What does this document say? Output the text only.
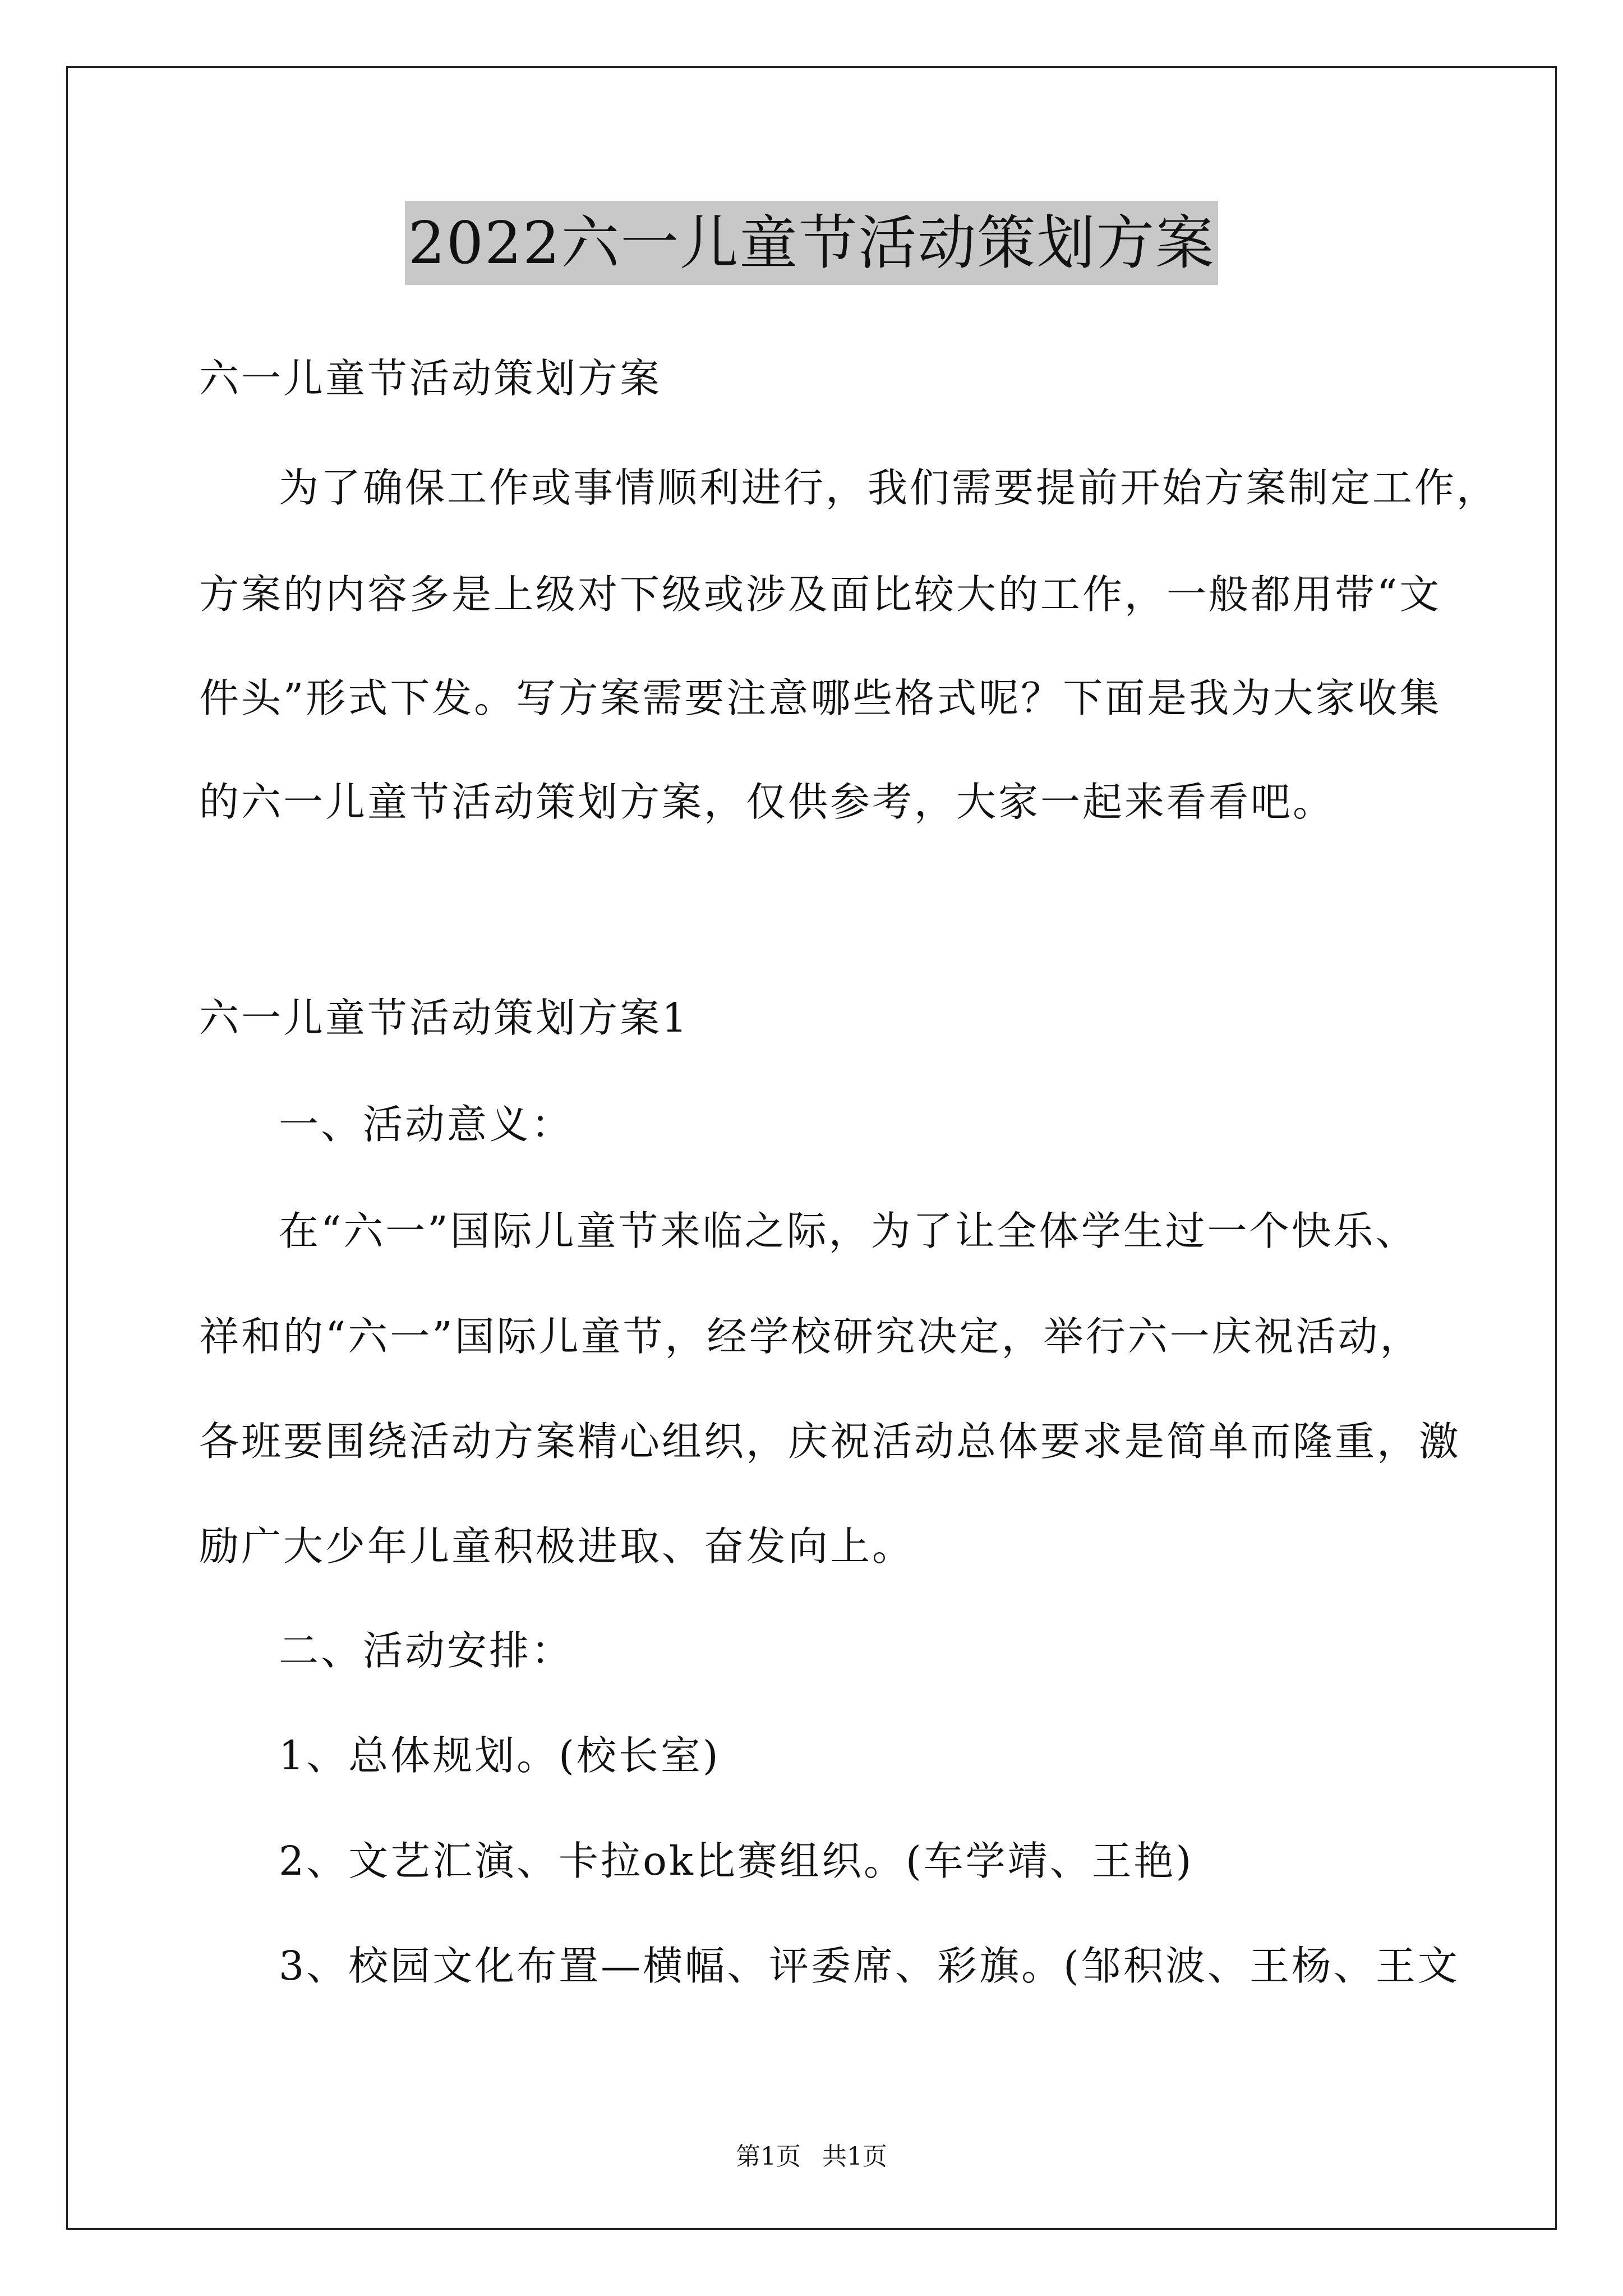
2022六一儿童节活动策划方案
六一儿童节活动策划方案
为了确保工作或事情顺利进行，我们需要提前开始方案制定工作，
方案的内容多是上级对下级或涉及面比较大的工作，一般都用带“文
件头”形式下发。写方案需要注意哪些格式呢？下面是我为大家收集
的六一儿童节活动策划方案，仅供参考，大家一起来看看吧。
六一儿童节活动策划方案1
一、活动意义：
在“六一”国际儿童节来临之际，为了让全体学生过一个快乐、
祥和的“六一”国际儿童节，经学校研究决定，举行六一庆祝活动，
各班要围绕活动方案精心组织，庆祝活动总体要求是简单而隆重，激
励广大少年儿童积极进取、奋发向上。
二、活动安排：
1、总体规划。(校长室)
2、文艺汇演、卡拉ok比赛组织。(车学靖、王艳)
3、校园文化布置—横幅、评委席、彩旗。(邹积波、王杨、王文
第1页 共1页
